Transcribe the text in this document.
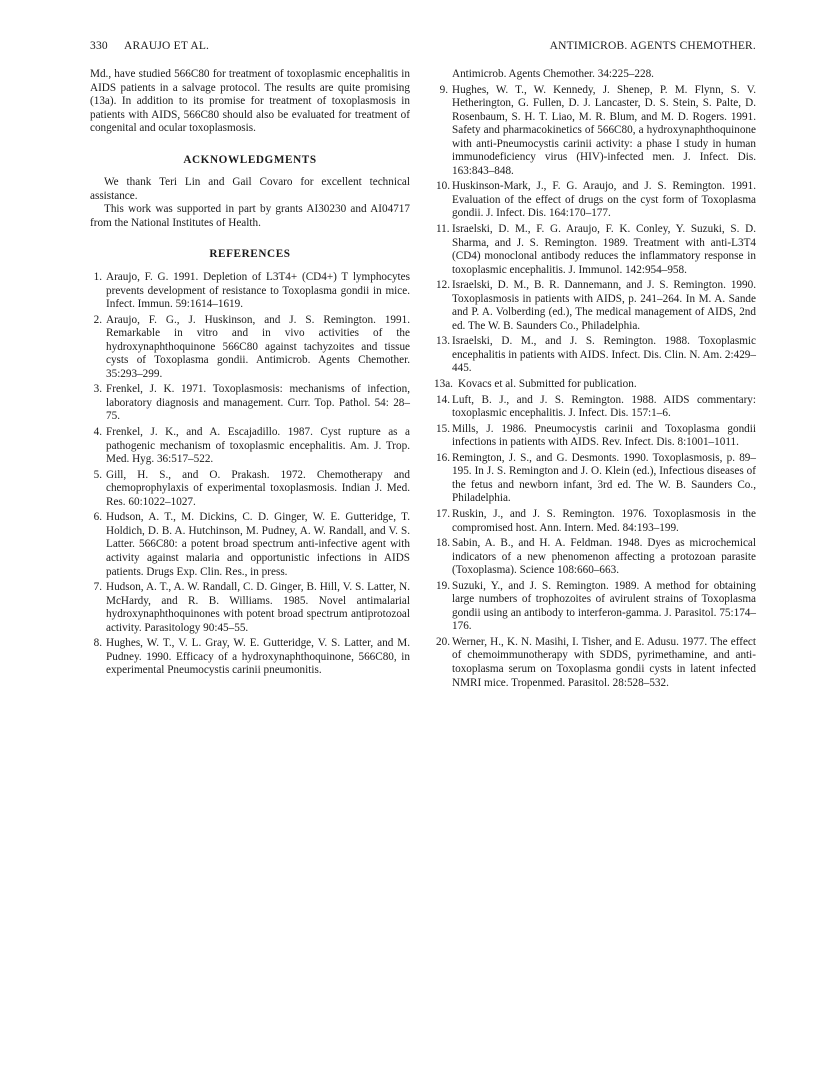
330 ARAUJO ET AL.	ANTIMICROB. AGENTS CHEMOTHER.

Md., have studied 566C80 for treatment of toxoplasmic encephalitis in AIDS patients in a salvage protocol. The results are quite promising (13a). In addition to its promise for treatment of toxoplasmosis in patients with AIDS, 566C80 should also be evaluated for treatment of congenital and ocular toxoplasmosis.

ACKNOWLEDGMENTS

We thank Teri Lin and Gail Covaro for excellent technical assistance.

This work was supported in part by grants AI30230 and AI04717 from the National Institutes of Health.

REFERENCES
1. Araujo, F. G. 1991. Depletion of L3T4+ (CD4+) T lymphocytes prevents development of resistance to Toxoplasma gondii in mice. Infect. Immun. 59:1614–1619.
2. Araujo, F. G., J. Huskinson, and J. S. Remington. 1991. Remarkable in vitro and in vivo activities of the hydroxynaphthoquinone 566C80 against tachyzoites and tissue cysts of Toxoplasma gondii. Antimicrob. Agents Chemother. 35:293–299.
3. Frenkel, J. K. 1971. Toxoplasmosis: mechanisms of infection, laboratory diagnosis and management. Curr. Top. Pathol. 54: 28–75.
4. Frenkel, J. K., and A. Escajadillo. 1987. Cyst rupture as a pathogenic mechanism of toxoplasmic encephalitis. Am. J. Trop. Med. Hyg. 36:517–522.
5. Gill, H. S., and O. Prakash. 1972. Chemotherapy and chemoprophylaxis of experimental toxoplasmosis. Indian J. Med. Res. 60:1022–1027.
6. Hudson, A. T., M. Dickins, C. D. Ginger, W. E. Gutteridge, T. Holdich, D. B. A. Hutchinson, M. Pudney, A. W. Randall, and V. S. Latter. 566C80: a potent broad spectrum anti-infective agent with activity against malaria and opportunistic infections in AIDS patients. Drugs Exp. Clin. Res., in press.
7. Hudson, A. T., A. W. Randall, C. D. Ginger, B. Hill, V. S. Latter, N. McHardy, and R. B. Williams. 1985. Novel antimalarial hydroxynaphthoquinones with potent broad spectrum antiprotozoal activity. Parasitology 90:45–55.
8. Hughes, W. T., V. L. Gray, W. E. Gutteridge, V. S. Latter, and M. Pudney. 1990. Efficacy of a hydroxynaphthoquinone, 566C80, in experimental Pneumocystis carinii pneumonitis.
Antimicrob. Agents Chemother. 34:225–228.
9. Hughes, W. T., W. Kennedy, J. Shenep, P. M. Flynn, S. V. Hetherington, G. Fullen, D. J. Lancaster, D. S. Stein, S. Palte, D. Rosenbaum, S. H. T. Liao, M. R. Blum, and M. D. Rogers. 1991. Safety and pharmacokinetics of 566C80, a hydroxynaphthoquinone with anti-Pneumocystis carinii activity: a phase I study in human immunodeficiency virus (HIV)-infected men. J. Infect. Dis. 163:843–848.
10. Huskinson-Mark, J., F. G. Araujo, and J. S. Remington. 1991. Evaluation of the effect of drugs on the cyst form of Toxoplasma gondii. J. Infect. Dis. 164:170–177.
11. Israelski, D. M., F. G. Araujo, F. K. Conley, Y. Suzuki, S. D. Sharma, and J. S. Remington. 1989. Treatment with anti-L3T4 (CD4) monoclonal antibody reduces the inflammatory response in toxoplasmic encephalitis. J. Immunol. 142:954–958.
12. Israelski, D. M., B. R. Dannemann, and J. S. Remington. 1990. Toxoplasmosis in patients with AIDS, p. 241–264. In M. A. Sande and P. A. Volberding (ed.), The medical management of AIDS, 2nd ed. The W. B. Saunders Co., Philadelphia.
13. Israelski, D. M., and J. S. Remington. 1988. Toxoplasmic encephalitis in patients with AIDS. Infect. Dis. Clin. N. Am. 2:429–445.
13a. Kovacs et al. Submitted for publication.
14. Luft, B. J., and J. S. Remington. 1988. AIDS commentary: toxoplasmic encephalitis. J. Infect. Dis. 157:1–6.
15. Mills, J. 1986. Pneumocystis carinii and Toxoplasma gondii infections in patients with AIDS. Rev. Infect. Dis. 8:1001–1011.
16. Remington, J. S., and G. Desmonts. 1990. Toxoplasmosis, p. 89–195. In J. S. Remington and J. O. Klein (ed.), Infectious diseases of the fetus and newborn infant, 3rd ed. The W. B. Saunders Co., Philadelphia.
17. Ruskin, J., and J. S. Remington. 1976. Toxoplasmosis in the compromised host. Ann. Intern. Med. 84:193–199.
18. Sabin, A. B., and H. A. Feldman. 1948. Dyes as microchemical indicators of a new phenomenon affecting a protozoan parasite (Toxoplasma). Science 108:660–663.
19. Suzuki, Y., and J. S. Remington. 1989. A method for obtaining large numbers of trophozoites of avirulent strains of Toxoplasma gondii using an antibody to interferon-gamma. J. Parasitol. 75:174–176.
20. Werner, H., K. N. Masihi, I. Tisher, and E. Adusu. 1977. The effect of chemoimmunotherapy with SDDS, pyrimethamine, and anti-toxoplasma serum on Toxoplasma gondii cysts in latent infected NMRI mice. Tropenmed. Parasitol. 28:528–532.
